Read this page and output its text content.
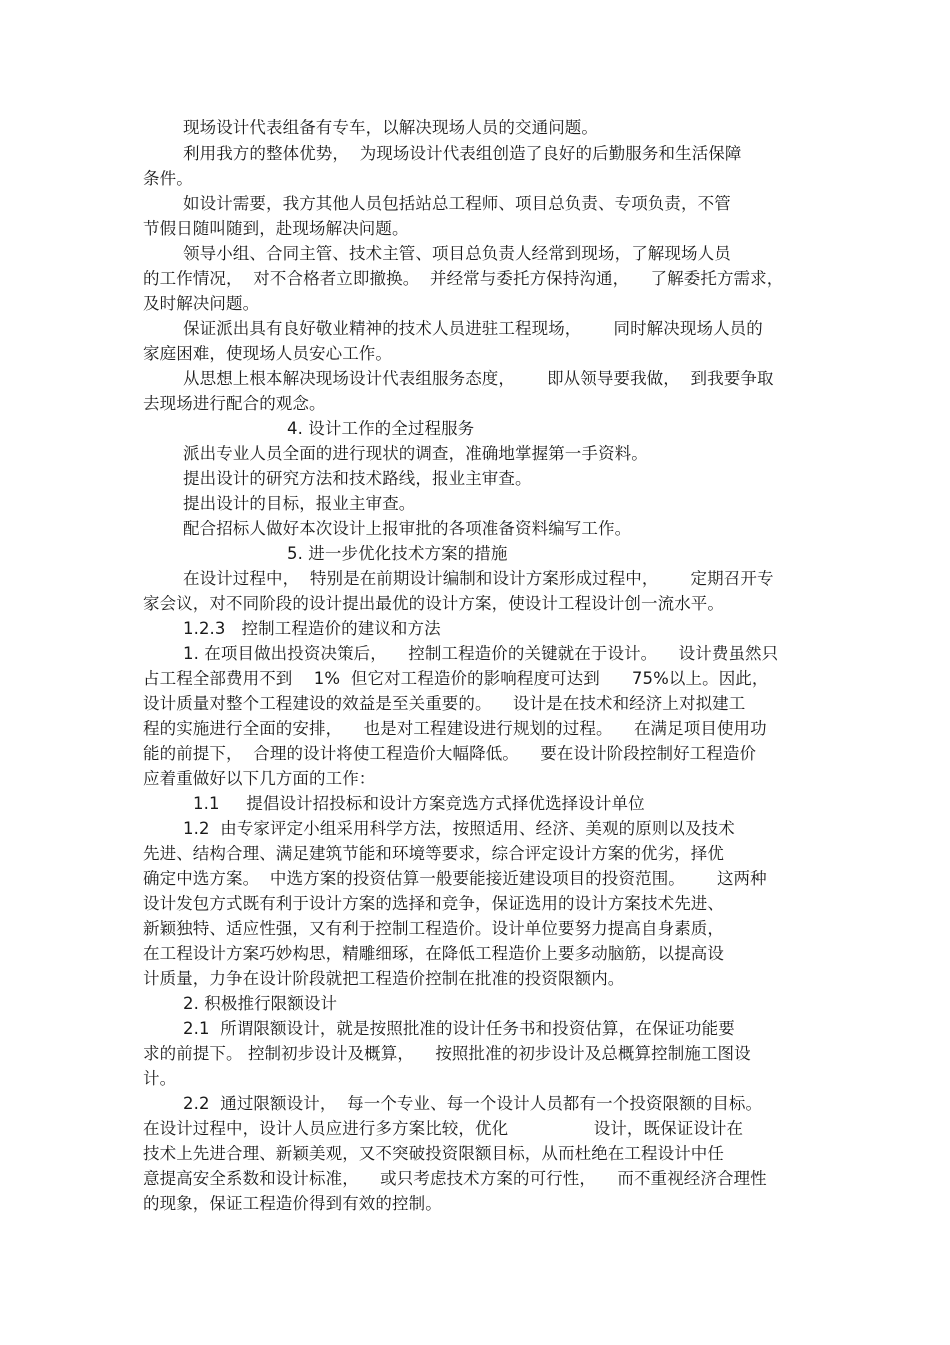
现场设计代表组备有专车，以解决现场人员的交通问题。
利用我方的整体优势，  为现场设计代表组创造了良好的后勤服务和生活保障
条件。
如设计需要，我方其他人员包括站总工程师、项目总负责、专项负责，不管
节假日随叫随到，赴现场解决问题。
领导小组、合同主管、技术主管、项目总负责人经常到现场，了解现场人员
的工作情况，  对不合格者立即撤换。  并经常与委托方保持沟通，    了解委托方需求，
及时解决问题。
保证派出具有良好敬业精神的技术人员进驻工程现场，      同时解决现场人员的
家庭困难，使现场人员安心工作。
从思想上根本解决现场设计代表组服务态度，      即从领导要我做，  到我要争取
去现场进行配合的观念。
4. 设计工作的全过程服务
派出专业人员全面的进行现状的调查，准确地掌握第一手资料。
提出设计的研究方法和技术路线，报业主审查。
提出设计的目标，报业主审查。
配合招标人做好本次设计上报审批的各项准备资料编写工作。
5. 进一步优化技术方案的措施
在设计过程中，  特别是在前期设计编制和设计方案形成过程中，      定期召开专
家会议，对不同阶段的设计提出最优的设计方案，使设计工程设计创一流水平。
1.2.3   控制工程造价的建议和方法
1. 在项目做出投资决策后，    控制工程造价的关键就在于设计。    设计费虽然只
占工程全部费用不到    1%  但它对工程造价的影响程度可达到      75%以上。因此，
设计质量对整个工程建设的效益是至关重要的。    设计是在技术和经济上对拟建工
程的实施进行全面的安排，    也是对工程建设进行规划的过程。    在满足项目使用功
能的前提下，  合理的设计将使工程造价大幅降低。    要在设计阶段控制好工程造价
应着重做好以下几方面的工作：
1.1     提倡设计招投标和设计方案竞选方式择优选择设计单位
1.2  由专家评定小组采用科学方法，按照适用、经济、美观的原则以及技术
先进、结构合理、满足建筑节能和环境等要求，综合评定设计方案的优劣，择优
确定中选方案。  中选方案的投资估算一般要能接近建设项目的投资范围。      这两种
设计发包方式既有利于设计方案的选择和竞争，保证选用的设计方案技术先进、
新颖独特、适应性强，又有利于控制工程造价。设计单位要努力提高自身素质，
在工程设计方案巧妙构思，精雕细琢，在降低工程造价上要多动脑筋，以提高设
计质量，力争在设计阶段就把工程造价控制在批准的投资限额内。
2. 积极推行限额设计
2.1  所谓限额设计，就是按照批准的设计任务书和投资估算，在保证功能要
求的前提下。 控制初步设计及概算，    按照批准的初步设计及总概算控制施工图设
计。
2.2  通过限额设计，  每一个专业、每一个设计人员都有一个投资限额的目标。
在设计过程中，设计人员应进行多方案比较，优化                设计，既保证设计在
技术上先进合理、新颖美观，又不突破投资限额目标，从而杜绝在工程设计中任
意提高安全系数和设计标准，    或只考虑技术方案的可行性，    而不重视经济合理性
的现象，保证工程造价得到有效的控制。
